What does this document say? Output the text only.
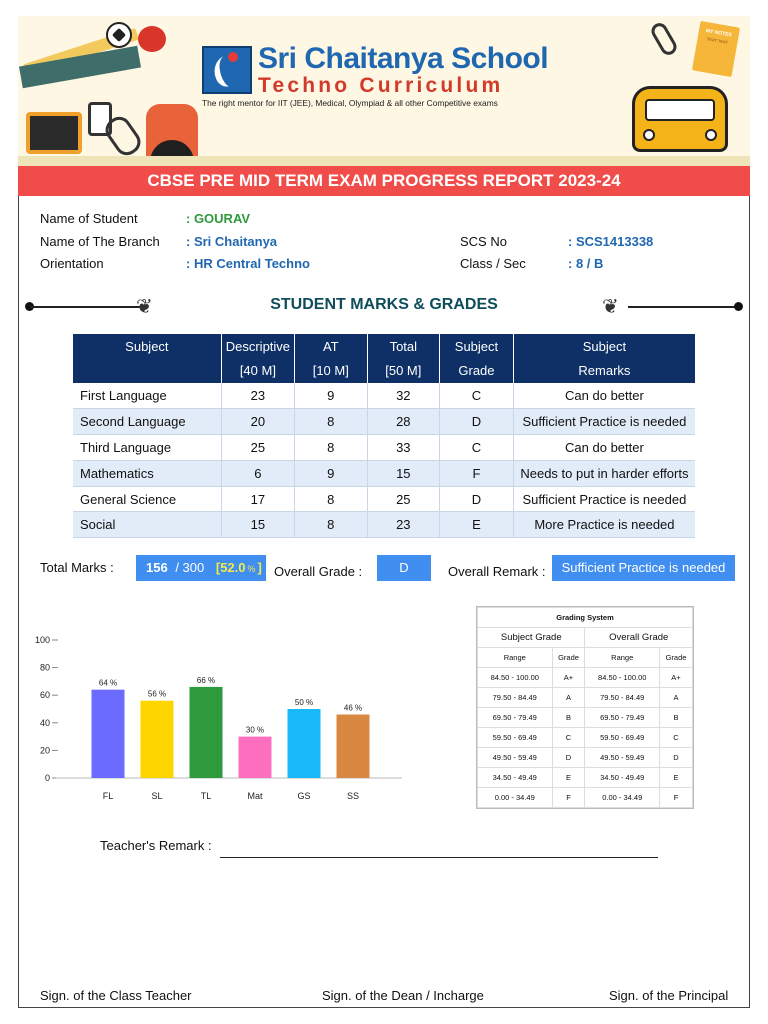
MY NOTES
TEXT TEXT
Sri Chaitanya School
Techno Curriculum
The right mentor for IIT (JEE), Medical, Olympiad & all other Competitive exams
CBSE PRE MID TERM EXAM PROGRESS REPORT 2023-24
Name of Student	: GOURAV
Name of The Branch : Sri Chaitanya
Orientation	: HR Central Techno
SCS No	: SCS1413338
Class / Sec	: 8 / B
❦	STUDENT MARKS & GRADES	❦
Subject	Descriptive	AT	Total	Subject	Subject
	[40 M]	[10 M]	[50 M]	Grade	Remarks
First Language	23	9	32	C	Can do better
Second Language	20	8	28	D	Sufficient Practice is needed
Third Language	25	8	33	C	Can do better
Mathematics	6	9	15	F	Needs to put in harder efforts
General Science	17	8	25	D	Sufficient Practice is needed
Social	15	8	23	E	More Practice is needed
Total Marks :	156 / 300 [52.0 % ] Overall Grade :	D	Overall Remark :	Sufficient Practice is needed
0
20
40
60
80
100
64 %
FL
56 %
SL
66 %
TL
30 %
Mat
50 %
GS
46 %
SS
Grading System			
Subject Grade		Overall Grade	
Range	Grade	Range	Grade
84.50 - 100.00	A+	84.50 - 100.00	A+
79.50 - 84.49	A	79.50 - 84.49	A
69.50 - 79.49	B	69.50 - 79.49	B
59.50 - 69.49	C	59.50 - 69.49	C
49.50 - 59.49	D	49.50 - 59.49	D
34.50 - 49.49	E	34.50 - 49.49	E
0.00 - 34.49	F	0.00 - 34.49	F
Teacher's Remark :
Sign. of the Class Teacher	Sign. of the Dean / Incharge	Sign. of the Principal
